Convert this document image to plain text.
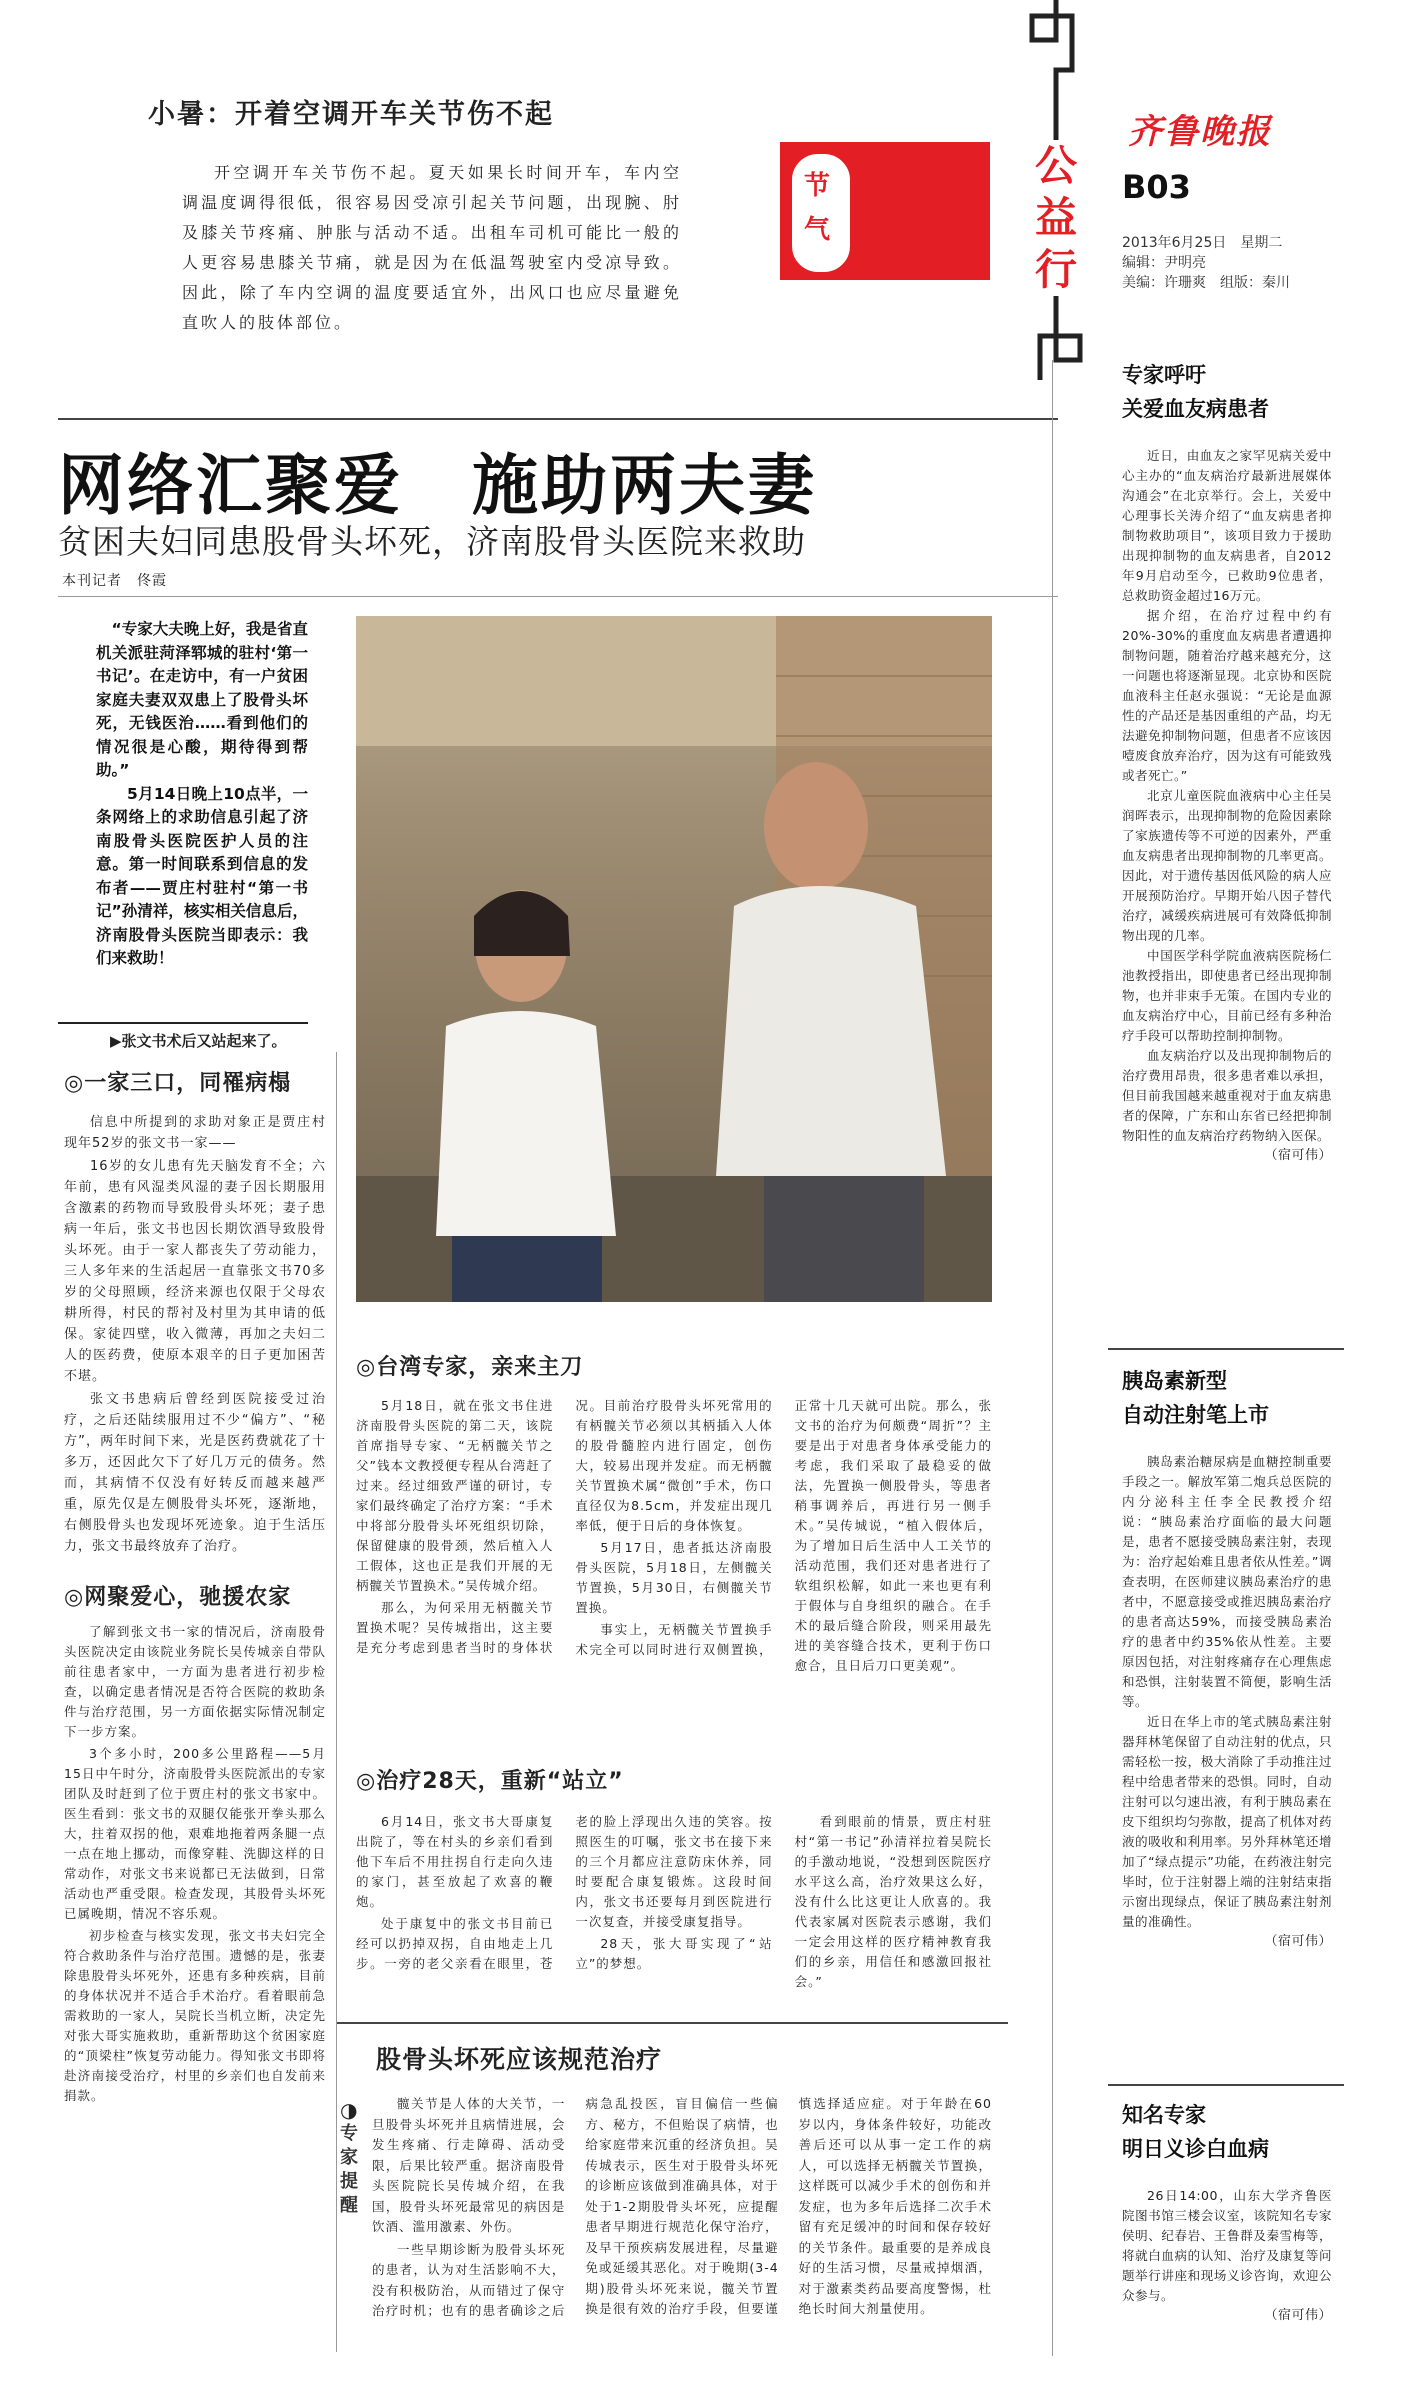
小暑：开着空调开车关节伤不起
开空调开车关节伤不起。夏天如果长时间开车，车内空调温度调得很低，很容易因受凉引起关节问题，出现腕、肘及膝关节疼痛、肿胀与活动不适。出租车司机可能比一般的人更容易患膝关节痛，就是因为在低温驾驶室内受凉导致。因此，除了车内空调的温度要适宜外，出风口也应尽量避免直吹人的肢体部位。
节气
公益行
齐鲁晚报
B03
2013年6月25日　星期二
编辑：尹明亮
美编：许珊爽　组版：秦川
网络汇聚爱　施助两夫妻
贫困夫妇同患股骨头坏死，济南股骨头医院来救助
本刊记者　佟霞

“专家大夫晚上好，我是省直机关派驻菏泽郓城的驻村‘第一书记’。在走访中，有一户贫困家庭夫妻双双患上了股骨头坏死，无钱医治……看到他们的情况很是心酸，期待得到帮助。”

5月14日晚上10点半，一条网络上的求助信息引起了济南股骨头医院医护人员的注意。第一时间联系到信息的发布者——贾庄村驻村“第一书记”孙清祥，核实相关信息后，济南股骨头医院当即表示：我们来救助！

▶张文书术后又站起来了。
◎一家三口，同罹病榻

信息中所提到的求助对象正是贾庄村现年52岁的张文书一家——

16岁的女儿患有先天脑发育不全；六年前，患有风湿类风湿的妻子因长期服用含激素的药物而导致股骨头坏死；妻子患病一年后，张文书也因长期饮酒导致股骨头坏死。由于一家人都丧失了劳动能力，三人多年来的生活起居一直靠张文书70多岁的父母照顾，经济来源也仅限于父母农耕所得，村民的帮衬及村里为其申请的低保。家徒四壁，收入微薄，再加之夫妇二人的医药费，使原本艰辛的日子更加困苦不堪。

张文书患病后曾经到医院接受过治疗，之后还陆续服用过不少“偏方”、“秘方”，两年时间下来，光是医药费就花了十多万，还因此欠下了好几万元的债务。然而，其病情不仅没有好转反而越来越严重，原先仅是左侧股骨头坏死，逐渐地，右侧股骨头也发现坏死迹象。迫于生活压力，张文书最终放弃了治疗。

◎网聚爱心，驰援农家

了解到张文书一家的情况后，济南股骨头医院决定由该院业务院长吴传城亲自带队前往患者家中，一方面为患者进行初步检查，以确定患者情况是否符合医院的救助条件与治疗范围，另一方面依据实际情况制定下一步方案。

3个多小时，200多公里路程——5月15日中午时分，济南股骨头医院派出的专家团队及时赶到了位于贾庄村的张文书家中。医生看到：张文书的双腿仅能张开拳头那么大，拄着双拐的他，艰难地拖着两条腿一点一点在地上挪动，而像穿鞋、洗脚这样的日常动作，对张文书来说都已无法做到，日常活动也严重受限。检查发现，其股骨头坏死已属晚期，情况不容乐观。

初步检查与核实发现，张文书夫妇完全符合救助条件与治疗范围。遗憾的是，张妻除患股骨头坏死外，还患有多种疾病，目前的身体状况并不适合手术治疗。看着眼前急需救助的一家人，吴院长当机立断，决定先对张大哥实施救助，重新帮助这个贫困家庭的“顶梁柱”恢复劳动能力。得知张文书即将赴济南接受治疗，村里的乡亲们也自发前来捐款。

◎台湾专家，亲来主刀

5月18日，就在张文书住进济南股骨头医院的第二天，该院首席指导专家、“无柄髋关节之父”钱本文教授便专程从台湾赶了过来。经过细致严谨的研讨，专家们最终确定了治疗方案：“手术中将部分股骨头坏死组织切除，保留健康的股骨颈，然后植入人工假体，这也正是我们开展的无柄髋关节置换术。”吴传城介绍。

那么，为何采用无柄髋关节置换术呢？吴传城指出，这主要是充分考虑到患者当时的身体状况。目前治疗股骨头坏死常用的有柄髋关节必须以其柄插入人体的股骨髓腔内进行固定，创伤大，较易出现并发症。而无柄髋关节置换术属“微创”手术，伤口直径仅为8.5cm，并发症出现几率低，便于日后的身体恢复。

5月17日，患者抵达济南股骨头医院，5月18日，左侧髋关节置换，5月30日，右侧髋关节置换。

事实上，无柄髋关节置换手术完全可以同时进行双侧置换，正常十几天就可出院。那么，张文书的治疗为何颇费“周折”？主要是出于对患者身体承受能力的考虑，我们采取了最稳妥的做法，先置换一侧股骨头，等患者稍事调养后，再进行另一侧手术。”吴传城说，“植入假体后，为了增加日后生活中人工关节的活动范围，我们还对患者进行了软组织松解，如此一来也更有利于假体与自身组织的融合。在手术的最后缝合阶段，则采用最先进的美容缝合技术，更利于伤口愈合，且日后刀口更美观”。

◎治疗28天，重新“站立”

6月14日，张文书大哥康复出院了，等在村头的乡亲们看到他下车后不用拄拐自行走向久违的家门，甚至放起了欢喜的鞭炮。

处于康复中的张文书目前已经可以扔掉双拐，自由地走上几步。一旁的老父亲看在眼里，苍老的脸上浮现出久违的笑容。按照医生的叮嘱，张文书在接下来的三个月都应注意防床休养，同时要配合康复锻炼。这段时间内，张文书还要每月到医院进行一次复查，并接受康复指导。

28天，张大哥实现了“站立”的梦想。

看到眼前的情景，贾庄村驻村“第一书记”孙清祥拉着吴院长的手激动地说，“没想到医院医疗水平这么高，治疗效果这么好，没有什么比这更让人欣喜的。我代表家属对医院表示感谢，我们一定会用这样的医疗精神教育我们的乡亲，用信任和感激回报社会。”

股骨头坏死应该规范治疗
◑
专家提醒

髋关节是人体的大关节，一旦股骨头坏死并且病情进展，会发生疼痛、行走障碍、活动受限，后果比较严重。据济南股骨头医院院长吴传城介绍，在我国，股骨头坏死最常见的病因是饮酒、滥用激素、外伤。

一些早期诊断为股骨头坏死的患者，认为对生活影响不大，没有积极防治，从而错过了保守治疗时机；也有的患者确诊之后病急乱投医，盲目偏信一些偏方、秘方，不但贻误了病情，也给家庭带来沉重的经济负担。吴传城表示，医生对于股骨头坏死的诊断应该做到准确具体，对于处于1-2期股骨头坏死，应提醒患者早期进行规范化保守治疗，及早干预疾病发展进程，尽量避免或延缓其恶化。对于晚期(3-4期)股骨头坏死来说，髋关节置换是很有效的治疗手段，但要谨慎选择适应症。对于年龄在60岁以内，身体条件较好，功能改善后还可以从事一定工作的病人，可以选择无柄髋关节置换，这样既可以减少手术的创伤和并发症，也为多年后选择二次手术留有充足缓冲的时间和保存较好的关节条件。最重要的是养成良好的生活习惯，尽量戒掉烟酒，对于激素类药品要高度警惕，杜绝长时间大剂量使用。

专家呼吁
关爱血友病患者

近日，由血友之家罕见病关爱中心主办的“血友病治疗最新进展媒体沟通会”在北京举行。会上，关爱中心理事长关涛介绍了“血友病患者抑制物救助项目”，该项目致力于援助出现抑制物的血友病患者，自2012年9月启动至今，已救助9位患者，总救助资金超过16万元。

据介绍，在治疗过程中约有20%-30%的重度血友病患者遭遇抑制物问题，随着治疗越来越充分，这一问题也将逐渐显现。北京协和医院血液科主任赵永强说：“无论是血源性的产品还是基因重组的产品，均无法避免抑制物问题，但患者不应该因噎废食放弃治疗，因为这有可能致残或者死亡。”

北京儿童医院血液病中心主任吴润晖表示，出现抑制物的危险因素除了家族遗传等不可逆的因素外，严重血友病患者出现抑制物的几率更高。因此，对于遗传基因低风险的病人应开展预防治疗。早期开始八因子替代治疗，减缓疾病进展可有效降低抑制物出现的几率。

中国医学科学院血液病医院杨仁池教授指出，即使患者已经出现抑制物，也并非束手无策。在国内专业的血友病治疗中心，目前已经有多种治疗手段可以帮助控制抑制物。

血友病治疗以及出现抑制物后的治疗费用昂贵，很多患者难以承担，但目前我国越来越重视对于血友病患者的保障，广东和山东省已经把抑制物阳性的血友病治疗药物纳入医保。

（宿可伟）
胰岛素新型
自动注射笔上市

胰岛素治糖尿病是血糖控制重要手段之一。解放军第二炮兵总医院的内分泌科主任李全民教授介绍说：“胰岛素治疗面临的最大问题是，患者不愿接受胰岛素注射，表现为：治疗起始难且患者依从性差。”调查表明，在医师建议胰岛素治疗的患者中，不愿意接受或推迟胰岛素治疗的患者高达59%，而接受胰岛素治疗的患者中约35%依从性差。主要原因包括，对注射疼痛存在心理焦虑和恐惧，注射装置不简便，影响生活等。

近日在华上市的笔式胰岛素注射器拜林笔保留了自动注射的优点，只需轻松一按，极大消除了手动推注过程中给患者带来的恐惧。同时，自动注射可以匀速出液，有利于胰岛素在皮下组织均匀弥散，提高了机体对药液的吸收和利用率。另外拜林笔还增加了“绿点提示”功能，在药液注射完毕时，位于注射器上端的注射结束指示窗出现绿点，保证了胰岛素注射剂量的准确性。

（宿可伟）
知名专家
明日义诊白血病

26日14:00，山东大学齐鲁医院图书馆三楼会议室，该院知名专家侯明、纪春岩、王鲁群及秦雪梅等，将就白血病的认知、治疗及康复等问题举行讲座和现场义诊咨询，欢迎公众参与。

（宿可伟）
